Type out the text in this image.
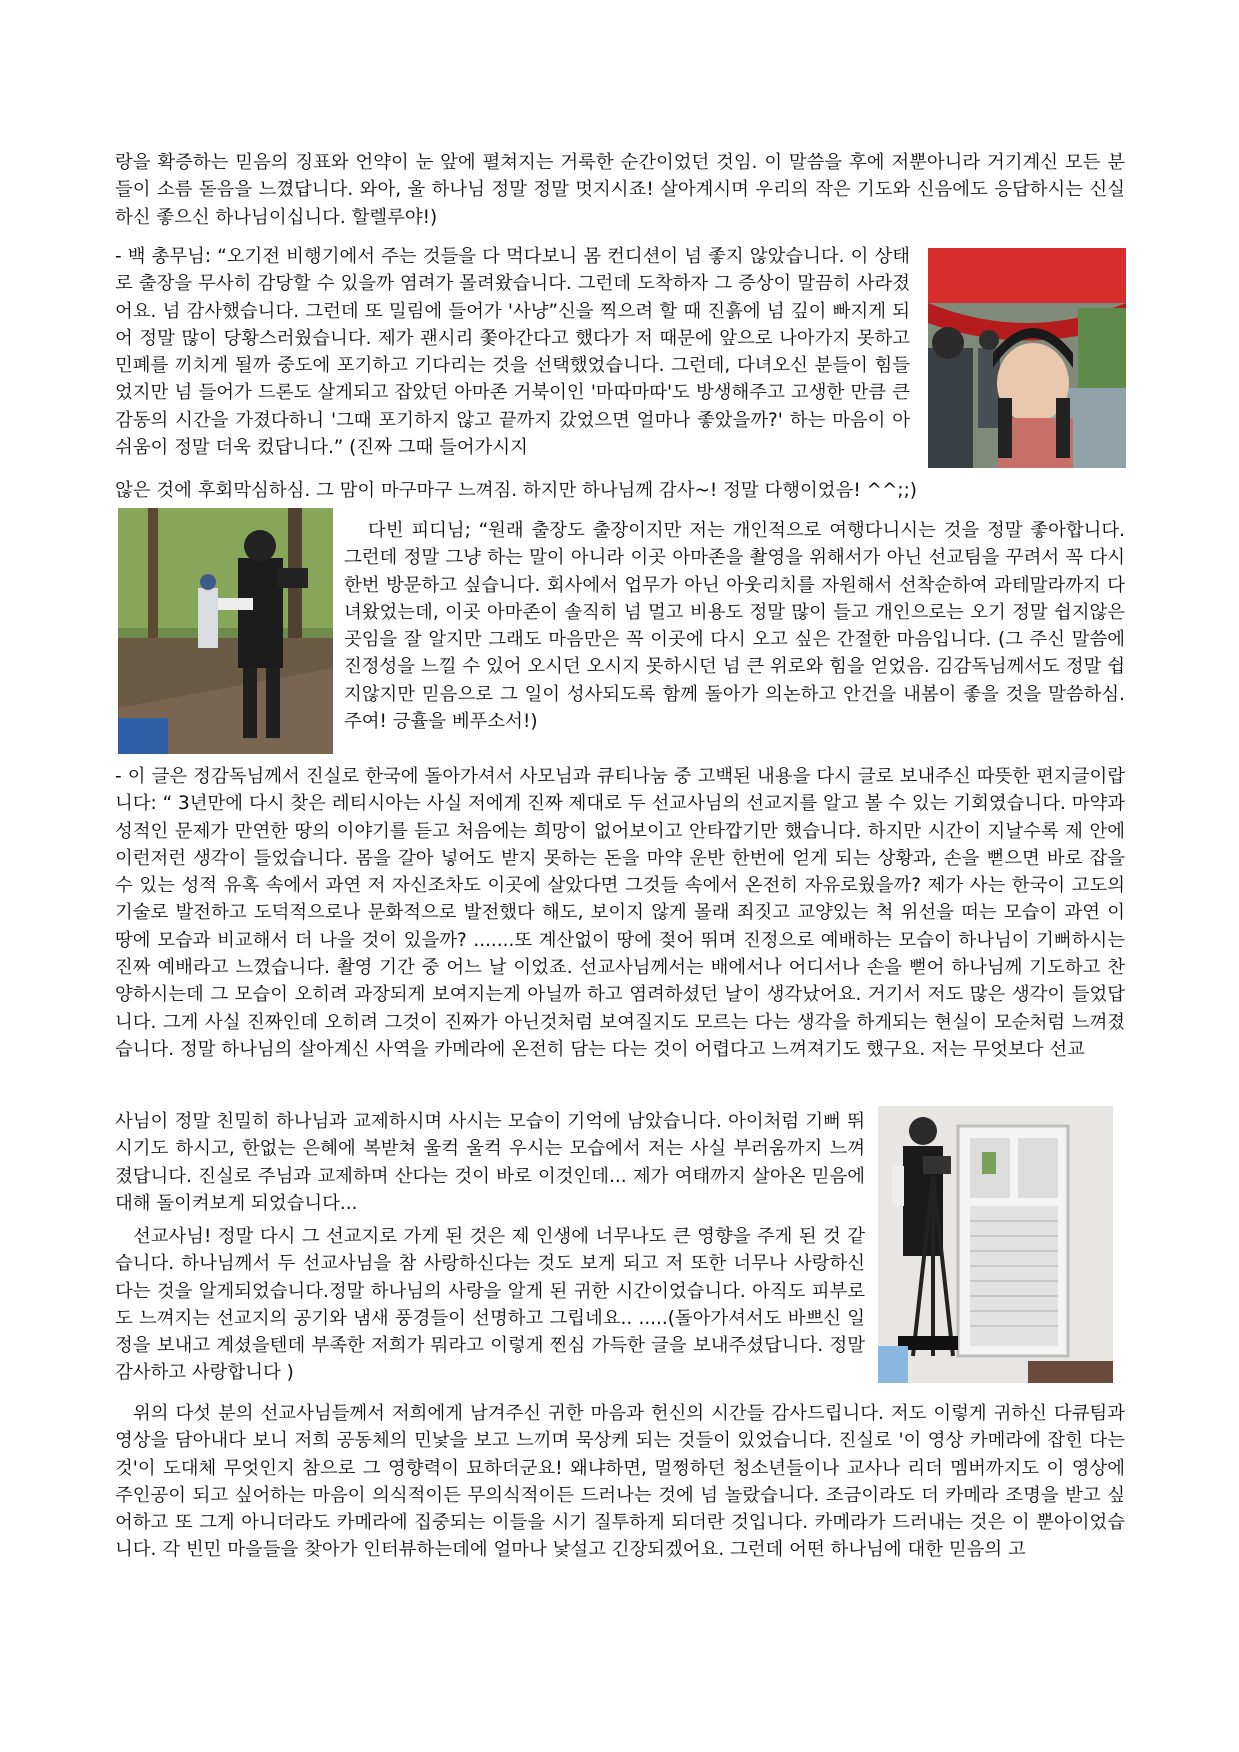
랑을 확증하는 믿음의 징표와 언약이 눈 앞에 펼쳐지는 거룩한 순간이었던 것임. 이 말씀을 후에 저뿐아니라 거기계신 모든 분들이 소름 돋음을 느꼈답니다. 와아, 울 하나님 정말 정말 멋지시죠! 살아계시며 우리의 작은 기도와 신음에도 응답하시는 신실하신 좋으신 하나님이십니다. 할렐루야!)

- 백 총무님: “오기전 비행기에서 주는 것들을 다 먹다보니 몸 컨디션이 넘 좋지 않았습니다. 이 상태로 출장을 무사히 감당할 수 있을까 염려가 몰려왔습니다. 그런데 도착하자 그 증상이 말끔히 사라졌어요. 넘 감사했습니다. 그런데 또 밀림에 들어가 '사냥”신을 찍으려 할 때 진흙에 넘 깊이 빠지게 되어 정말 많이 당황스러웠습니다. 제가 괜시리 쫓아간다고 했다가 저 때문에 앞으로 나아가지 못하고 민폐를 끼치게 될까 중도에 포기하고 기다리는 것을 선택했었습니다. 그런데, 다녀오신 분들이 힘들었지만 넘 들어가 드론도 살게되고 잡았던 아마존 거북이인 '마따마따'도 방생해주고 고생한 만큼 큰 감동의 시간을 가졌다하니 '그때 포기하지 않고 끝까지 갔었으면 얼마나 좋았을까?' 하는 마음이 아쉬움이 정말 더욱 컸답니다.” (진짜 그때 들어가시지

않은 것에 후회막심하심. 그 맘이 마구마구 느껴짐. 하지만 하나님께 감사~! 정말 다행이었음! ^^;;)

다빈 피디님; “원래 출장도 출장이지만 저는 개인적으로 여행다니시는 것을 정말 좋아합니다. 그런데 정말 그냥 하는 말이 아니라 이곳 아마존을 촬영을 위해서가 아닌 선교팀을 꾸려서 꼭 다시 한번 방문하고 싶습니다. 회사에서 업무가 아닌 아웃리치를 자원해서 선착순하여 과테말라까지 다녀왔었는데, 이곳 아마존이 솔직히 넘 멀고 비용도 정말 많이 들고 개인으로는 오기 정말 쉽지않은 곳임을 잘 알지만 그래도 마음만은 꼭 이곳에 다시 오고 싶은 간절한 마음입니다. (그 주신 말씀에 진정성을 느낄 수 있어 오시던 오시지 못하시던 넘 큰 위로와 힘을 얻었음. 김감독님께서도 정말 쉽지않지만 믿음으로 그 일이 성사되도록 함께 돌아가 의논하고 안건을 내봄이 좋을 것을 말씀하심. 주여! 긍휼을 베푸소서!)

- 이 글은 정감독님께서 진실로 한국에 돌아가셔서 사모님과 큐티나눔 중 고백된 내용을 다시 글로 보내주신 따뜻한 편지글이랍니다: “ 3년만에 다시 찾은 레티시아는 사실 저에게 진짜 제대로 두 선교사님의 선교지를 알고 볼 수 있는 기회였습니다. 마약과 성적인 문제가 만연한 땅의 이야기를 듣고 처음에는 희망이 없어보이고 안타깝기만 했습니다. 하지만 시간이 지날수록 제 안에 이런저런 생각이 들었습니다. 몸을 갈아 넣어도 받지 못하는 돈을 마약 운반 한번에 얻게 되는 상황과, 손을 뻗으면 바로 잡을 수 있는 성적 유혹 속에서 과연 저 자신조차도 이곳에 살았다면 그것들 속에서 온전히 자유로웠을까? 제가 사는 한국이 고도의 기술로 발전하고 도덕적으로나 문화적으로 발전했다 해도, 보이지 않게 몰래 죄짓고 교양있는 척 위선을 떠는 모습이 과연 이 땅에 모습과 비교해서 더 나을 것이 있을까? .......또 계산없이 땅에 젖어 뛰며 진정으로 예배하는 모습이 하나님이 기뻐하시는 진짜 예배라고 느꼈습니다. 촬영 기간 중 어느 날 이었죠. 선교사님께서는 배에서나 어디서나 손을 뻗어 하나님께 기도하고 찬양하시는데 그 모습이 오히려 과장되게 보여지는게 아닐까 하고 염려하셨던 날이 생각났어요. 거기서 저도 많은 생각이 들었답니다. 그게 사실 진짜인데 오히려 그것이 진짜가 아닌것처럼 보여질지도 모르는 다는 생각을 하게되는 현실이 모순처럼 느껴졌습니다. 정말 하나님의 살아계신 사역을 카메라에 온전히 담는 다는 것이 어렵다고 느껴져기도 했구요. 저는 무엇보다 선교

사님이 정말 친밀히 하나님과 교제하시며 사시는 모습이 기억에 남았습니다. 아이처럼 기뻐 뛰시기도 하시고, 한없는 은혜에 복받쳐 울컥 울컥 우시는 모습에서 저는 사실 부러움까지 느껴졌답니다. 진실로 주님과 교제하며 산다는 것이 바로 이것인데... 제가 여태까지 살아온 믿음에 대해 돌이켜보게 되었습니다...

선교사님! 정말 다시 그 선교지로 가게 된 것은 제 인생에 너무나도 큰 영향을 주게 된 것 같습니다. 하나님께서 두 선교사님을 참 사랑하신다는 것도 보게 되고 저 또한 너무나 사랑하신다는 것을 알게되었습니다.정말 하나님의 사랑을 알게 된 귀한 시간이었습니다. 아직도 피부로도 느껴지는 선교지의 공기와 냄새 풍경들이 선명하고 그립네요.. .....(돌아가셔서도 바쁘신 일정을 보내고 계셨을텐데 부족한 저희가 뭐라고 이렇게 찐심 가득한 글을 보내주셨답니다. 정말 감사하고 사랑합니다 )

위의 다섯 분의 선교사님들께서 저희에게 남겨주신 귀한 마음과 헌신의 시간들 감사드립니다. 저도 이렇게 귀하신 다큐팀과 영상을 담아내다 보니 저희 공동체의 민낯을 보고 느끼며 묵상케 되는 것들이 있었습니다. 진실로 '이 영상 카메라에 잡힌 다는 것'이 도대체 무엇인지 참으로 그 영향력이 묘하더군요! 왜냐하면, 멀쩡하던 청소년들이나 교사나 리더 멤버까지도 이 영상에 주인공이 되고 싶어하는 마음이 의식적이든 무의식적이든 드러나는 것에 넘 놀랐습니다. 조금이라도 더 카메라 조명을 받고 싶어하고 또 그게 아니더라도 카메라에 집중되는 이들을 시기 질투하게 되더란 것입니다. 카메라가 드러내는 것은 이 뿐아이었습니다. 각 빈민 마을들을 찾아가 인터뷰하는데에 얼마나 낯설고 긴장되겠어요. 그런데 어떤 하나님에 대한 믿음의 고
